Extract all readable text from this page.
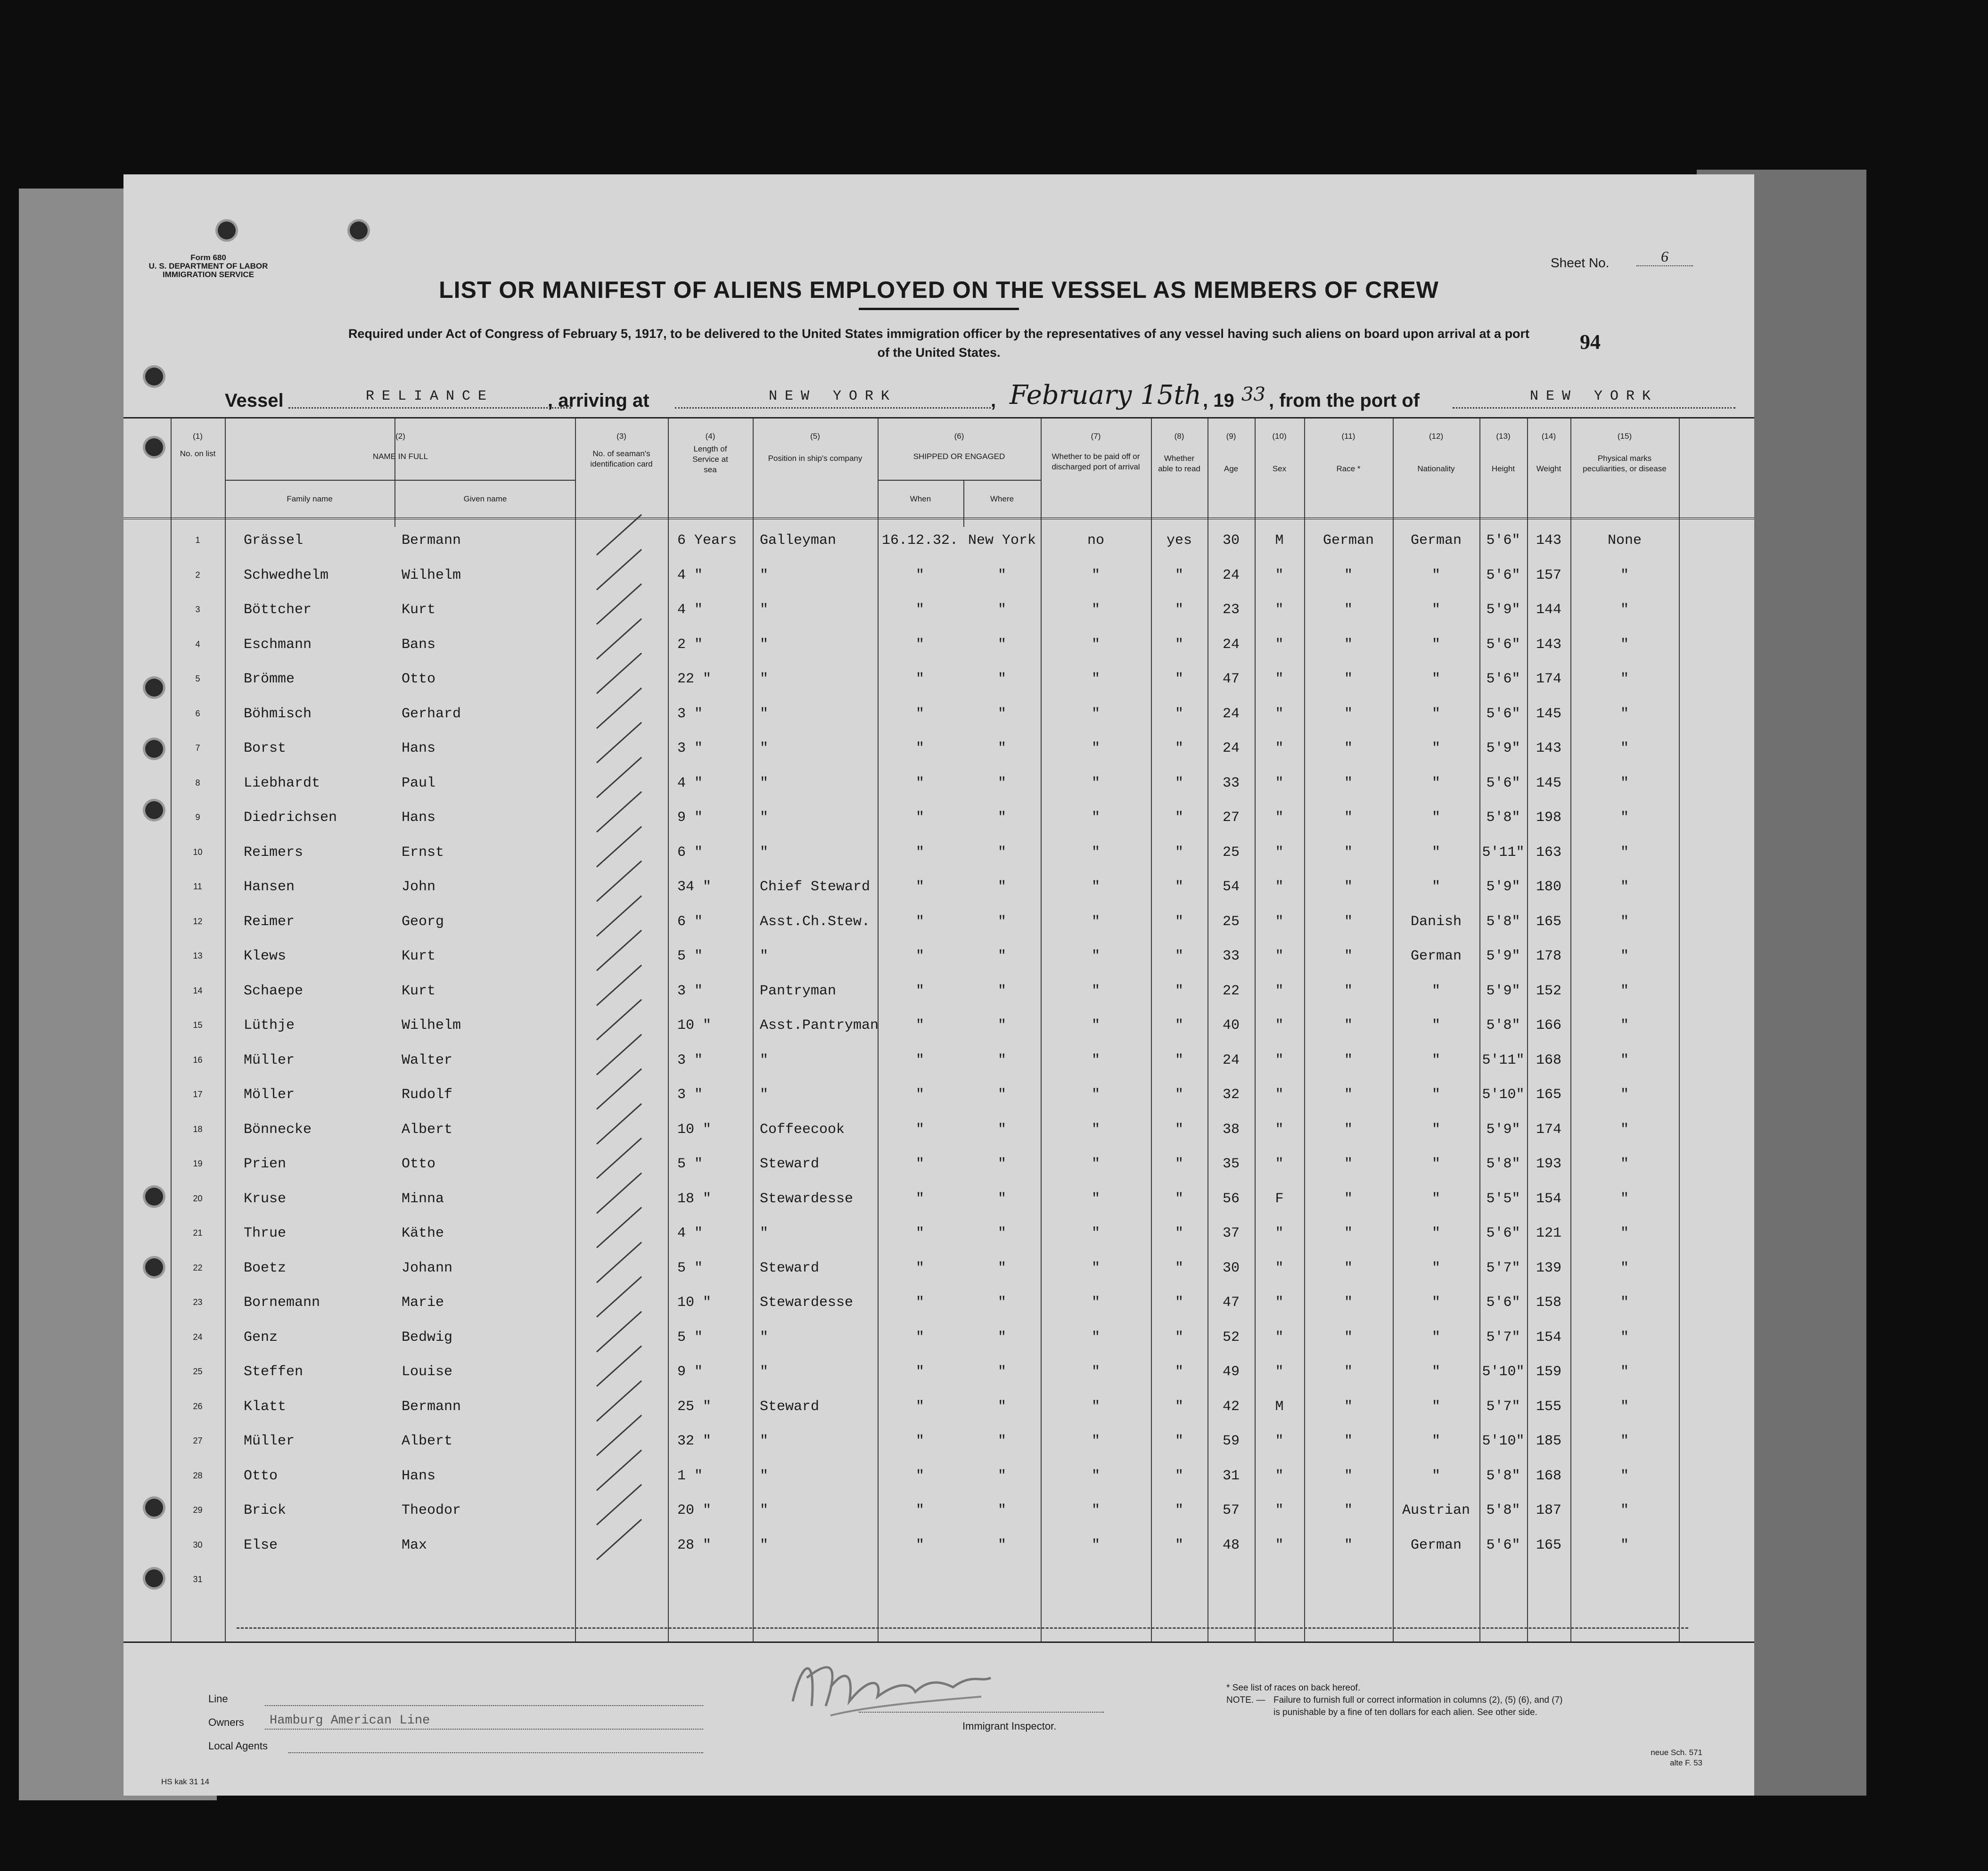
Form 680
U. S. DEPARTMENT OF LABOR
IMMIGRATION SERVICE
LIST OR MANIFEST OF ALIENS EMPLOYED ON THE VESSEL AS MEMBERS OF CREW
Required under Act of Congress of February 5, 1917, to be delivered to the United States immigration officer by the representatives of any vessel having such aliens on board upon arrival at a port of the United States.
Sheet No.	6
94
Vessel	RELIANCE	, arriving at	NEW YORK	, February 15th , 19 33 , from the port of	NEW YORK
(1)
No. on list
(2)
NAME IN FULL
Family name	Given name
(3)
No. of seaman's identification card
(4)
Length of Service at sea
(5)
Position in ship's company
(6)
SHIPPED OR ENGAGED
When	Where
(7)
Whether to be paid off or discharged port of arrival
(8)
Whether able to read
(9)
Age
(10)
Sex
(11)
Race *
(12)
Nationality
(13)
Height
(14)
Weight
(15)
Physical marks peculiarities, or disease
1	Grässel	Bermann	6 Years	Galleyman	16.12.32. New York	no	yes	30	M	German	German	5'6"	143	None
2	Schwedhelm	Wilhelm	4 "	"	"	"	"	"	24	"	"	"	5'6"	157	"
3	Böttcher	Kurt	4 "	"	"	"	"	"	23	"	"	"	5'9"	144	"
4	Eschmann	Bans	2 "	"	"	"	"	"	24	"	"	"	5'6"	143	"
5	Brömme	Otto	22 "	"	"	"	"	"	47	"	"	"	5'6"	174	"
6	Böhmisch	Gerhard	3 "	"	"	"	"	"	24	"	"	"	5'6"	145	"
7	Borst	Hans	3 "	"	"	"	"	"	24	"	"	"	5'9"	143	"
8	Liebhardt	Paul	4 "	"	"	"	"	"	33	"	"	"	5'6"	145	"
9	Diedrichsen	Hans	9 "	"	"	"	"	"	27	"	"	"	5'8"	198	"
10	Reimers	Ernst	6 "	"	"	"	"	"	25	"	"	"	5'11" 163	"
11	Hansen	John	34 "	Chief Steward	"	"	"	"	54	"	"	"	5'9"	180	"
12	Reimer	Georg	6 "	Asst.Ch.Stew.	"	"	"	"	25	"	"	Danish	5'8"	165	"
13	Klews	Kurt	5 "	"	"	"	"	"	33	"	"	German	5'9"	178	"
14	Schaepe	Kurt	3 "	Pantryman	"	"	"	"	22	"	"	"	5'9"	152	"
15	Lüthje	Wilhelm	10 "	Asst.Pantryman	"	"	"	"	40	"	"	"	5'8"	166	"
16	Müller	Walter	3 "	"	"	"	"	"	24	"	"	"	5'11" 168	"
17	Möller	Rudolf	3 "	"	"	"	"	"	32	"	"	"	5'10" 165	"
18	Bönnecke	Albert	10 "	Coffeecook	"	"	"	"	38	"	"	"	5'9"	174	"
19	Prien	Otto	5 "	Steward	"	"	"	"	35	"	"	"	5'8"	193	"
20	Kruse	Minna	18 "	Stewardesse	"	"	"	"	56	F	"	"	5'5"	154	"
21	Thrue	Käthe	4 "	"	"	"	"	"	37	"	"	"	5'6"	121	"
22	Boetz	Johann	5 "	Steward	"	"	"	"	30	"	"	"	5'7"	139	"
23	Bornemann	Marie	10 "	Stewardesse	"	"	"	"	47	"	"	"	5'6"	158	"
24	Genz	Bedwig	5 "	"	"	"	"	"	52	"	"	"	5'7"	154	"
25	Steffen	Louise	9 "	"	"	"	"	"	49	"	"	"	5'10" 159	"
26	Klatt	Bermann	25 "	Steward	"	"	"	"	42	M	"	"	5'7"	155	"
27	Müller	Albert	32 "	"	"	"	"	"	59	"	"	"	5'10" 185	"
28	Otto	Hans	1 "	"	"	"	"	"	31	"	"	"	5'8"	168	"
29	Brick	Theodor	20 "	"	"	"	"	"	57	"	"	Austrian	5'8"	187	"
30	Else	Max	28 "	"	"	"	"	"	48	"	"	German	5'6"	165	"
31
Line
Owners Hamburg American Line
Local Agents
Immigrant Inspector.
* See list of races on back hereof.
NOTE. — Failure to furnish full or correct information in columns (2), (5) (6), and (7)
is punishable by a fine of ten dollars for each alien. See other side.
neue Sch. 571
alte F. 53
HS kak 31 14
